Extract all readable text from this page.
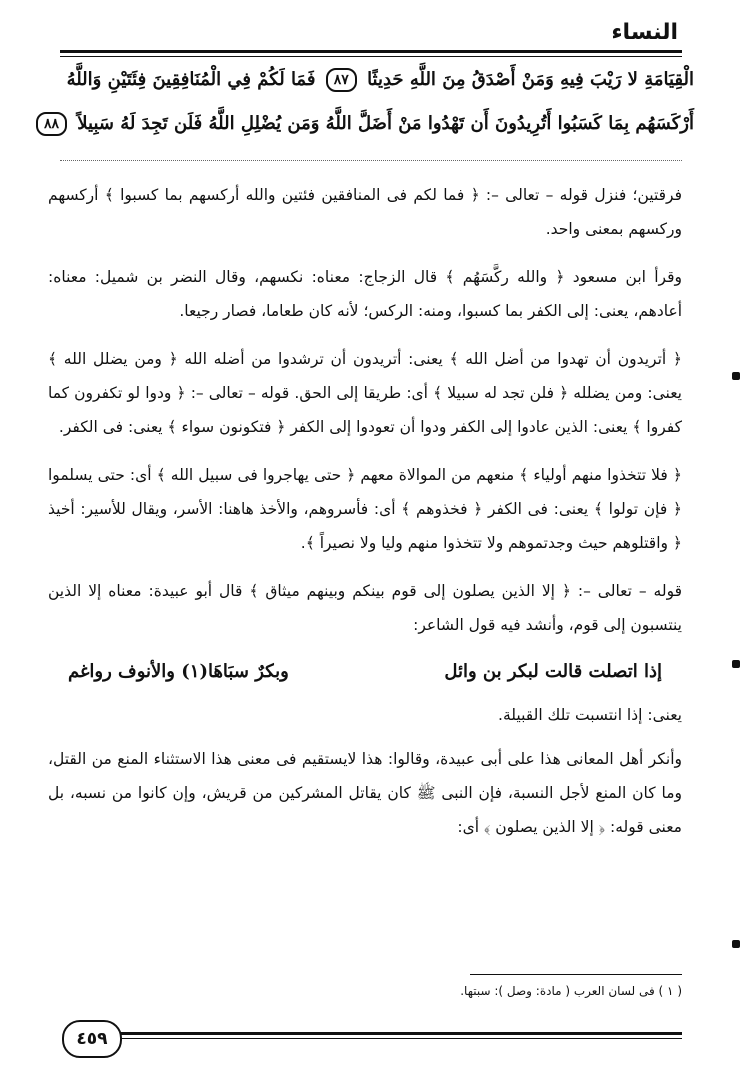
النساء
الْقِيَامَةِ لا رَيْبَ فِيهِ وَمَنْ أَصْدَقُ مِنَ اللَّهِ حَدِيثًا ٨٧ فَمَا لَكُمْ فِي الْمُنَافِقِينَ فِئَتَيْنِ وَاللَّهُ
أَرْكَسَهُم بِمَا كَسَبُوا أَتُرِيدُونَ أَن تَهْدُوا مَنْ أَضَلَّ اللَّهُ وَمَن يُضْلِلِ اللَّهُ فَلَن تَجِدَ لَهُ سَبِيلاً ٨٨

فرقتين؛ فنزل قوله – تعالى –: ﴿ فما لكم فى المنافقين فئتين والله أركسهم بما كسبوا ﴾ أركسهم وركسهم بمعنى واحد.

وقرأ ابن مسعود ﴿ والله ركَّسَهُم ﴾ قال الزجاج: معناه: نكسهم، وقال النضر بن شميل: معناه: أعادهم، يعنى: إلى الكفر بما كسبوا، ومنه: الركس؛ لأنه كان طعاما، فصار رجيعا.

﴿ أتريدون أن تهدوا من أضل الله ﴾ يعنى: أتريدون أن ترشدوا من أضله الله ﴿ ومن يضلل الله ﴾ يعنى: ومن يضلله ﴿ فلن تجد له سبيلا ﴾ أى: طريقا إلى الحق. قوله – تعالى –: ﴿ ودوا لو تكفرون كما كفروا ﴾ يعنى: الذين عادوا إلى الكفر ودوا أن تعودوا إلى الكفر ﴿ فتكونون سواء ﴾ يعنى: فى الكفر.

﴿ فلا تتخذوا منهم أولياء ﴾ منعهم من الموالاة معهم ﴿ حتى يهاجروا فى سبيل الله ﴾ أى: حتى يسلموا ﴿ فإن تولوا ﴾ يعنى: فى الكفر ﴿ فخذوهم ﴾ أى: فأسروهم، والأخذ هاهنا: الأسر، ويقال للأسير: أخيذ ﴿ واقتلوهم حيث وجدتموهم ولا تتخذوا منهم وليا ولا نصيراً ﴾.

قوله – تعالى –: ﴿ إلا الذين يصلون إلى قوم بينكم وبينهم ميثاق ﴾ قال أبو عبيدة: معناه إلا الذين ينتسبون إلى قوم، وأنشد فيه قول الشاعر:

إذا اتصلت قالت لبكر بن وائل
وبكرٌ سبَاهَا(١) والأنوف رواغم

يعنى: إذا انتسبت تلك القبيلة.

وأنكر أهل المعانى هذا على أبى عبيدة، وقالوا: هذا لايستقيم فى معنى هذا الاستثناء المنع من القتل، وما كان المنع لأجل النسبة، فإن النبى ﷺ كان يقاتل المشركين من قريش، وإن كانوا من نسبه، بل معنى قوله: ﴿ إلا الذين يصلون ﴾ أى:

( ١ ) فى لسان العرب ( مادة: وصل ): سبتها.
٤٥٩
